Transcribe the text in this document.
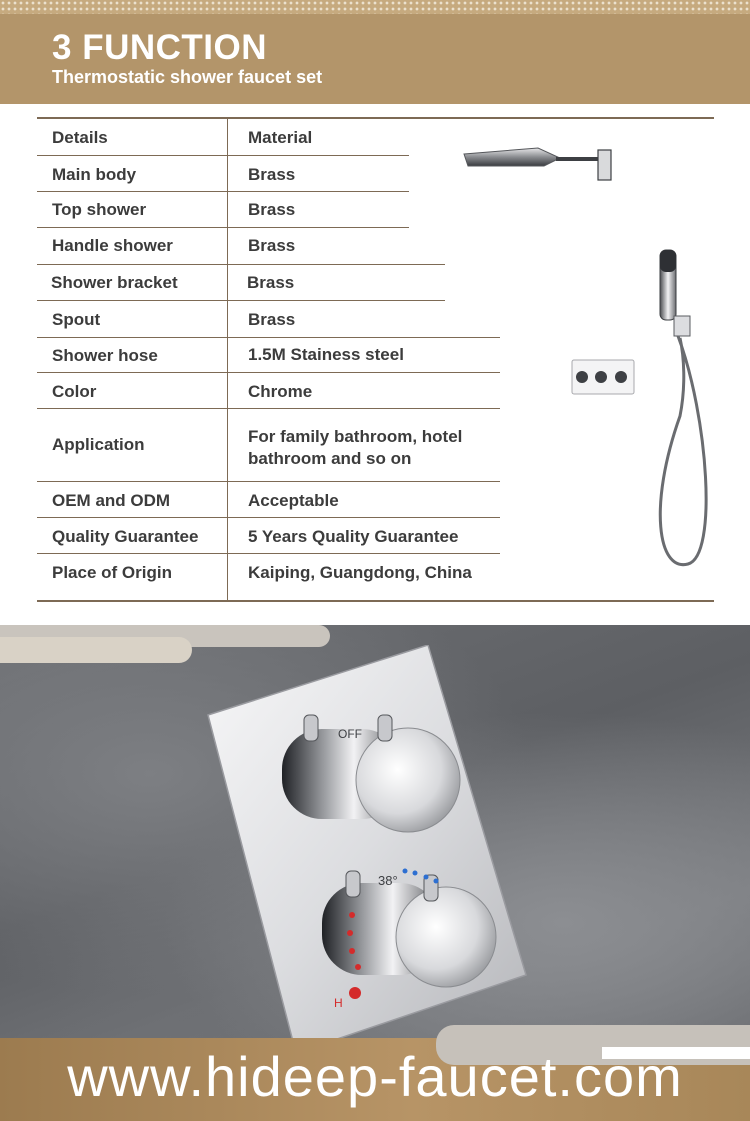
3 FUNCTION
Thermostatic shower faucet set
Details	Material
Main body	Brass
Top shower	Brass
Handle shower	Brass
Shower bracket	Brass
Spout	Brass
Shower hose	1.5M Stainess steel
Color	Chrome
Application	For family bathroom, hotel
bathroom and so on
OEM and ODM	Acceptable
Quality Guarantee	5 Years Quality Guarantee
Place of Origin	Kaiping, Guangdong, China
OFF
38°
H
www.hideep-faucet.com
